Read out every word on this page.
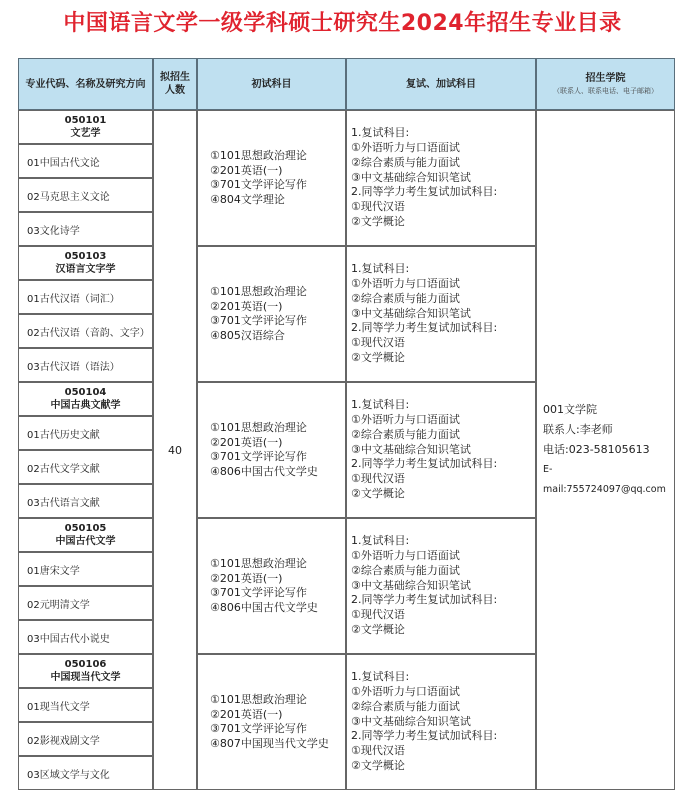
中国语言文学一级学科硕士研究生2024年招生专业目录
专业代码、名称及研究方向
拟招生人数
初试科目	复试、加试科目	招生学院
（联系人、联系电话、电子邮箱）
40
001文学院
联系人:李老师
电话:023-58105613
E-mail:755724097@qq.com
050101
文艺学
01中国古代文论
02马克思主义文论
03文化诗学
①101思想政治理论
②201英语(一)
③701文学评论写作
④804文学理论
1.复试科目:
①外语听力与口语面试
②综合素质与能力面试
③中文基础综合知识笔试
2.同等学力考生复试加试科目:
①现代汉语
②文学概论
050103
汉语言文字学
01古代汉语（词汇）
02古代汉语（音韵、文字）
03古代汉语（语法）
①101思想政治理论
②201英语(一)
③701文学评论写作
④805汉语综合
1.复试科目:
①外语听力与口语面试
②综合素质与能力面试
③中文基础综合知识笔试
2.同等学力考生复试加试科目:
①现代汉语
②文学概论
050104
中国古典文献学
01古代历史文献
02古代文学文献
03古代语言文献
①101思想政治理论
②201英语(一)
③701文学评论写作
④806中国古代文学史
1.复试科目:
①外语听力与口语面试
②综合素质与能力面试
③中文基础综合知识笔试
2.同等学力考生复试加试科目:
①现代汉语
②文学概论
050105
中国古代文学
01唐宋文学
02元明清文学
03中国古代小说史
①101思想政治理论
②201英语(一)
③701文学评论写作
④806中国古代文学史
1.复试科目:
①外语听力与口语面试
②综合素质与能力面试
③中文基础综合知识笔试
2.同等学力考生复试加试科目:
①现代汉语
②文学概论
050106
中国现当代文学
01现当代文学
02影视戏剧文学
03区域文学与文化
①101思想政治理论
②201英语(一)
③701文学评论写作
④807中国现当代文学史
1.复试科目:
①外语听力与口语面试
②综合素质与能力面试
③中文基础综合知识笔试
2.同等学力考生复试加试科目:
①现代汉语
②文学概论
